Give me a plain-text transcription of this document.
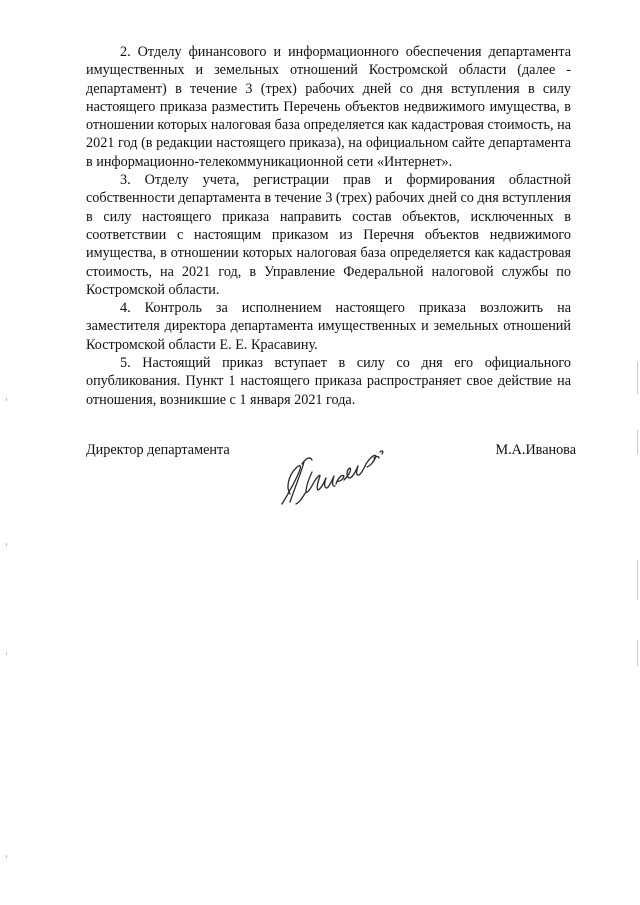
2. Отделу финансового и информационного обеспечения департамента имущественных и земельных отношений Костромской области (далее - департамент) в течение 3 (трех) рабочих дней со дня вступления в силу настоящего приказа разместить Перечень объектов недвижимого имущества, в отношении которых налоговая база определяется как кадастровая стоимость, на 2021 год (в редакции настоящего приказа), на официальном сайте департамента в информационно-телекоммуникационной сети «Интернет».

3. Отделу учета, регистрации прав и формирования областной собственности департамента в течение 3 (трех) рабочих дней со дня вступления в силу настоящего приказа направить состав объектов, исключенных в соответствии с настоящим приказом из Перечня объектов недвижимого имущества, в отношении которых налоговая база определяется как кадастровая стоимость, на 2021 год, в Управление Федеральной налоговой службы по Костромской области.

4. Контроль за исполнением настоящего приказа возложить на заместителя директора департамента имущественных и земельных отношений Костромской области Е. Е. Красавину.

5. Настоящий приказ вступает в силу со дня его официального опубликования. Пункт 1 настоящего приказа распространяет свое действие на отношения, возникшие с 1 января 2021 года.

Директор департамента	М.А.Иванова
